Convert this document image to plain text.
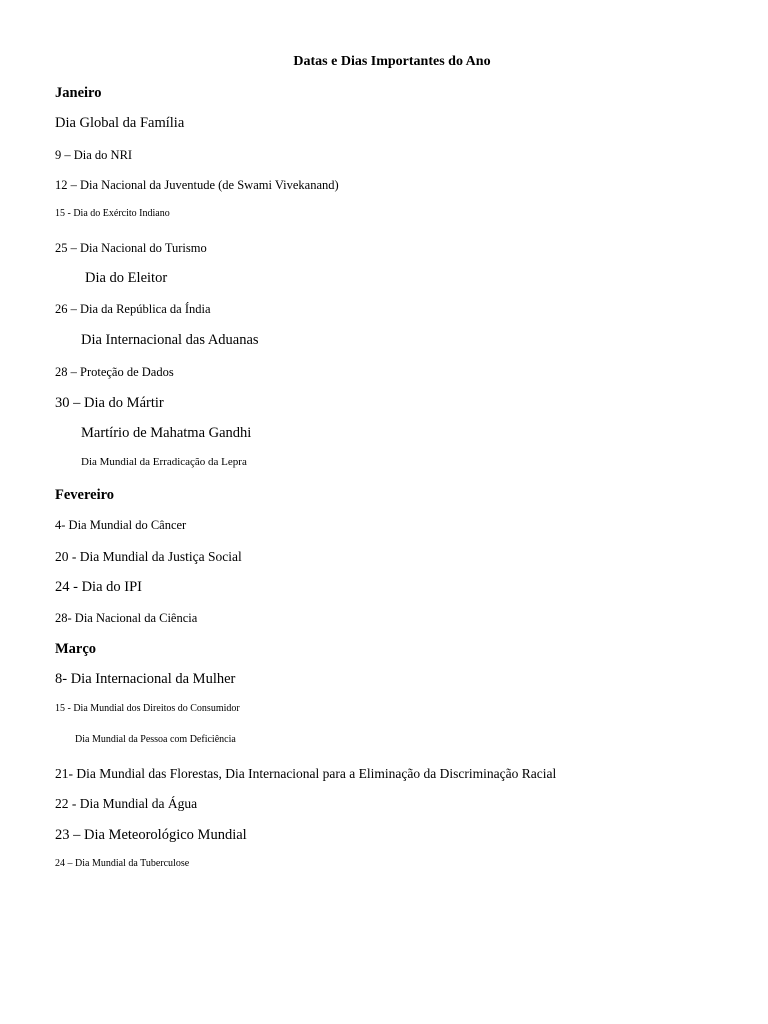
Datas e Dias Importantes do Ano
Janeiro
Dia Global da Família
9 – Dia do NRI
12 – Dia Nacional da Juventude (de Swami Vivekanand)
15 - Dia do Exército Indiano
25 – Dia Nacional do Turismo
Dia do Eleitor
26 – Dia da República da Índia
Dia Internacional das Aduanas
28 – Proteção de Dados
30 – Dia do Mártir
Martírio de Mahatma Gandhi
Dia Mundial da Erradicação da Lepra
Fevereiro
4- Dia Mundial do Câncer
20 - Dia Mundial da Justiça Social
24 - Dia do IPI
28- Dia Nacional da Ciência
Março
8- Dia Internacional da Mulher
15 - Dia Mundial dos Direitos do Consumidor
Dia Mundial da Pessoa com Deficiência
21- Dia Mundial das Florestas, Dia Internacional para a Eliminação da Discriminação Racial
22 - Dia Mundial da Água
23 – Dia Meteorológico Mundial
24 – Dia Mundial da Tuberculose
